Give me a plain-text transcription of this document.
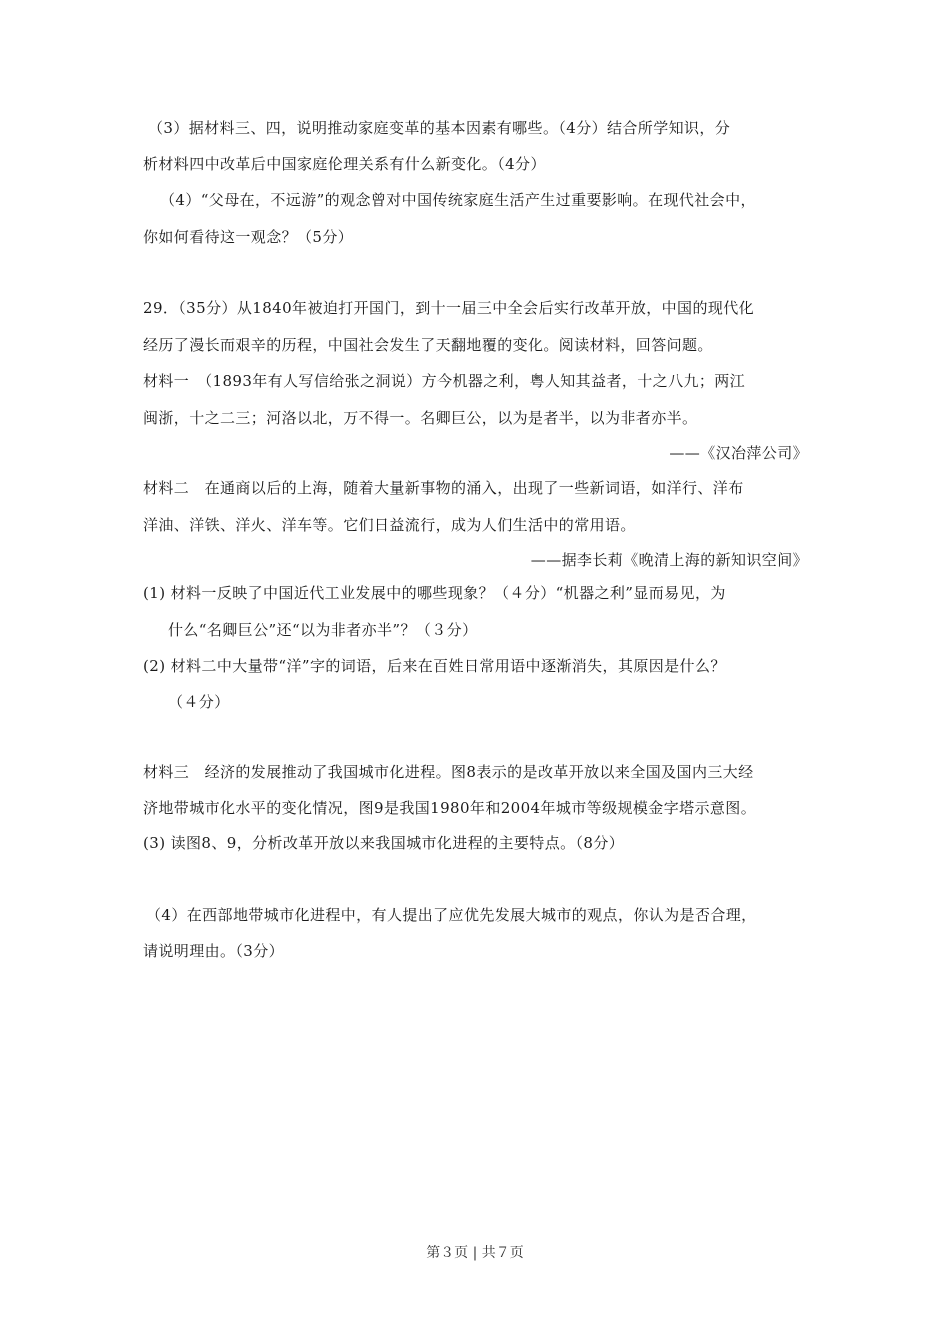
（3）据材料三、四，说明推动家庭变革的基本因素有哪些。（4分）结合所学知识，分
析材料四中改革后中国家庭伦理关系有什么新变化。（4分）
（4）“父母在，不远游”的观念曾对中国传统家庭生活产生过重要影响。在现代社会中，
你如何看待这一观念？（5分）
29．（35分）从1840年被迫打开国门，到十一届三中全会后实行改革开放，中国的现代化
经历了漫长而艰辛的历程，中国社会发生了天翻地覆的变化。阅读材料，回答问题。
材料一　（1893年有人写信给张之洞说）方今机器之利，粤人知其益者，十之八九；两江
闽浙，十之二三；河洛以北，万不得一。名卿巨公，以为是者半，以为非者亦半。
——《汉冶萍公司》
材料二　在通商以后的上海，随着大量新事物的涌入，出现了一些新词语，如洋行、洋布
洋油、洋铁、洋火、洋车等。它们日益流行，成为人们生活中的常用语。
——据李长莉《晚清上海的新知识空间》
(1) 材料一反映了中国近代工业发展中的哪些现象？（４分）“机器之利”显而易见，为
什么“名卿巨公”还“以为非者亦半”？（３分）
(2) 材料二中大量带“洋”字的词语，后来在百姓日常用语中逐渐消失，其原因是什么？
（４分）
材料三　经济的发展推动了我国城市化进程。图8表示的是改革开放以来全国及国内三大经
济地带城市化水平的变化情况，图9是我国1980年和2004年城市等级规模金字塔示意图。
(3) 读图8、9，分析改革开放以来我国城市化进程的主要特点。（8分）
（4）在西部地带城市化进程中，有人提出了应优先发展大城市的观点，你认为是否合理，
请说明理由。（3分）
第３页 | 共７页
